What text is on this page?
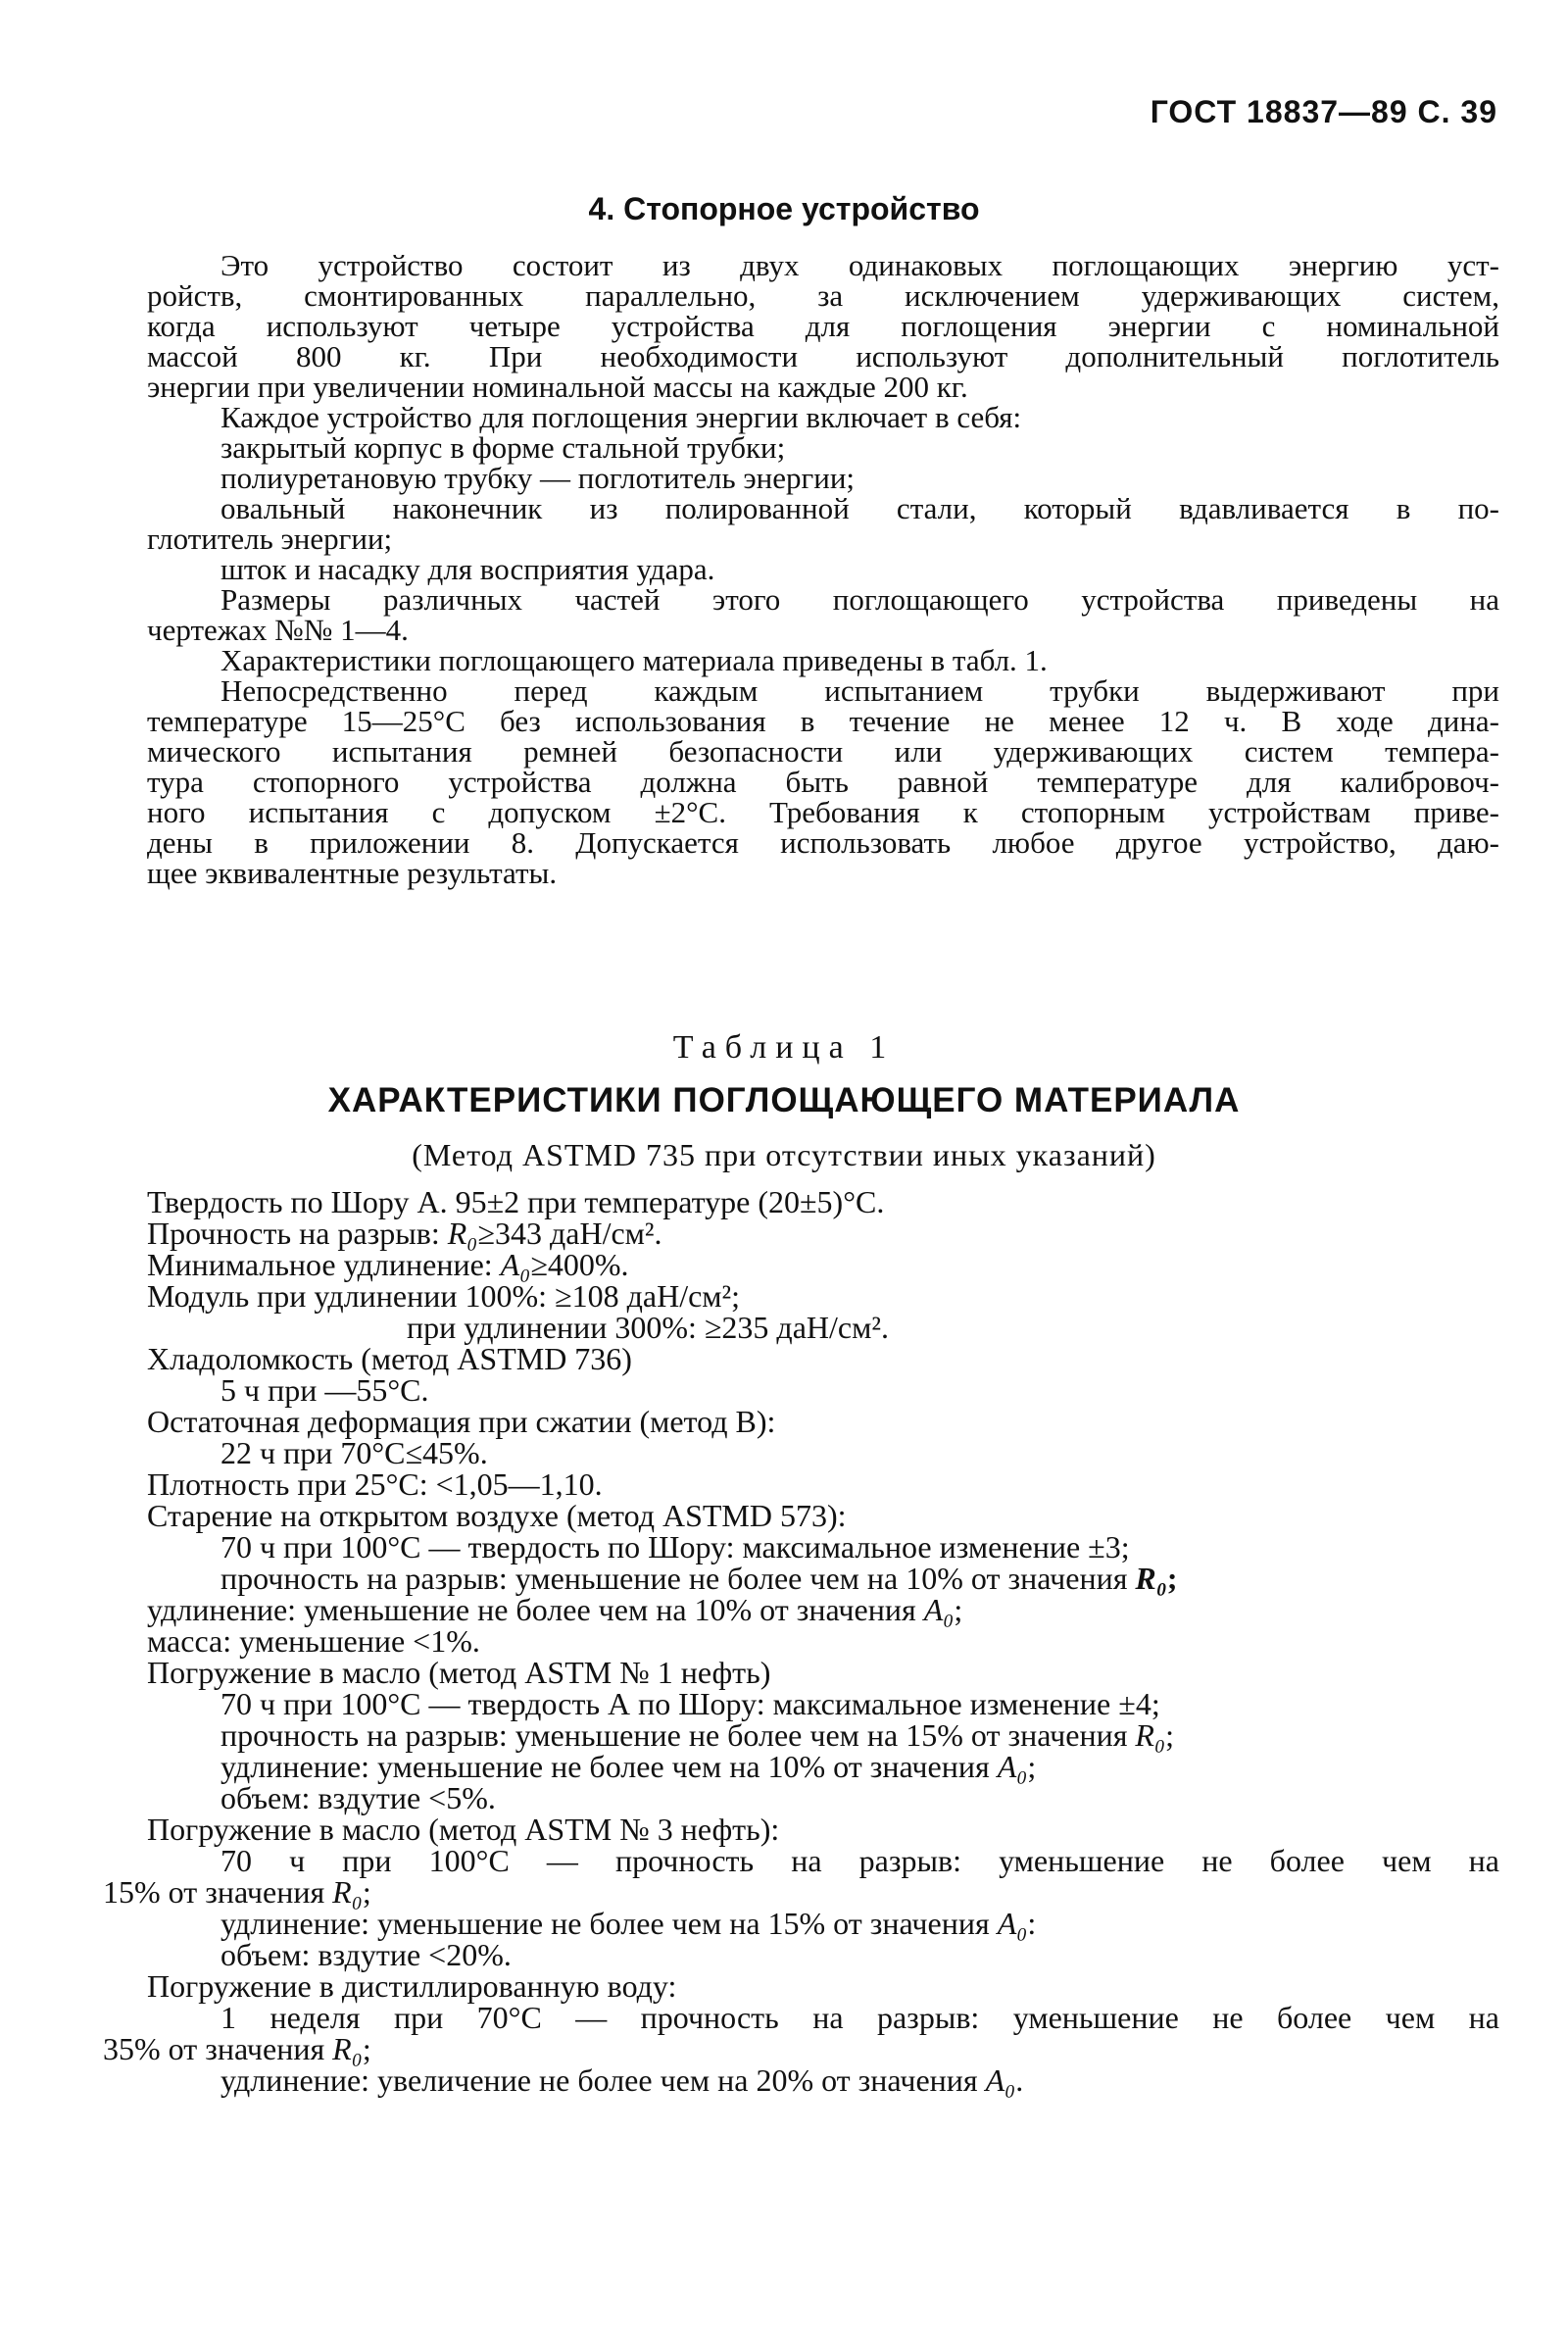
ГОСТ 18837—89 С. 39
4. Стопорное устройство

Это устройство состоит из двух одинаковых поглощающих энергию уст-

ройств, смонтированных параллельно, за исключением удерживающих систем,

когда используют четыре устройства для поглощения энергии с номинальной

массой 800 кг. При необходимости используют дополнительный поглотитель

энергии при увеличении номинальной массы на каждые 200 кг.

Каждое устройство для поглощения энергии включает в себя:

закрытый корпус в форме стальной трубки;

полиуретановую трубку — поглотитель энергии;

овальный наконечник из полированной стали, который вдавливается в по-

глотитель энергии;

шток и насадку для восприятия удара.

Размеры различных частей этого поглощающего устройства приведены на

чертежах №№ 1—4.

Характеристики поглощающего материала приведены в табл. 1.

Непосредственно перед каждым испытанием трубки выдерживают при

температуре 15—25°С без использования в течение не менее 12 ч. В ходе дина-

мического испытания ремней безопасности или удерживающих систем темпера-

тура стопорного устройства должна быть равной температуре для калибровоч-

ного испытания с допуском ±2°С. Требования к стопорным устройствам приве-

дены в приложении 8. Допускается использовать любое другое устройство, даю-

щее эквивалентные результаты.

Таблица 1
ХАРАКТЕРИСТИКИ ПОГЛОЩАЮЩЕГО МАТЕРИАЛА
(Метод ASTMD 735 при отсутствии иных указаний)

Твердость по Шору А. 95±2 при температуре (20±5)°С.

Прочность на разрыв: R₀≥343 даН/см².

Минимальное удлинение: A₀≥400%.

Модуль при удлинении 100%: ≥108 даН/см²;

при удлинении 300%: ≥235 даН/см².

Хладоломкость (метод ASTMD 736)

5 ч при —55°С.

Остаточная деформация при сжатии (метод В):

22 ч при 70°С≤45%.

Плотность при 25°С: <1,05—1,10.

Старение на открытом воздухе (метод ASTMD 573):

70 ч при 100°С — твердость по Шору: максимальное изменение ±3;

прочность на разрыв: уменьшение не более чем на 10% от значения R₀;

удлинение: уменьшение не более чем на 10% от значения A₀;

масса: уменьшение <1%.

Погружение в масло (метод ASTM № 1 нефть)

70 ч при 100°С — твердость А по Шору: максимальное изменение ±4;

прочность на разрыв: уменьшение не более чем на 15% от значения R₀;

удлинение: уменьшение не более чем на 10% от значения A₀;

объем: вздутие <5%.

Погружение в масло (метод ASTM № 3 нефть):

70 ч при 100°С — прочность на разрыв: уменьшение не более чем на

15% от значения R₀;

удлинение: уменьшение не более чем на 15% от значения A₀:

объем: вздутие <20%.

Погружение в дистиллированную воду:

1 неделя при 70°С — прочность на разрыв: уменьшение не более чем на

35% от значения R₀;

удлинение: увеличение не более чем на 20% от значения A₀.
